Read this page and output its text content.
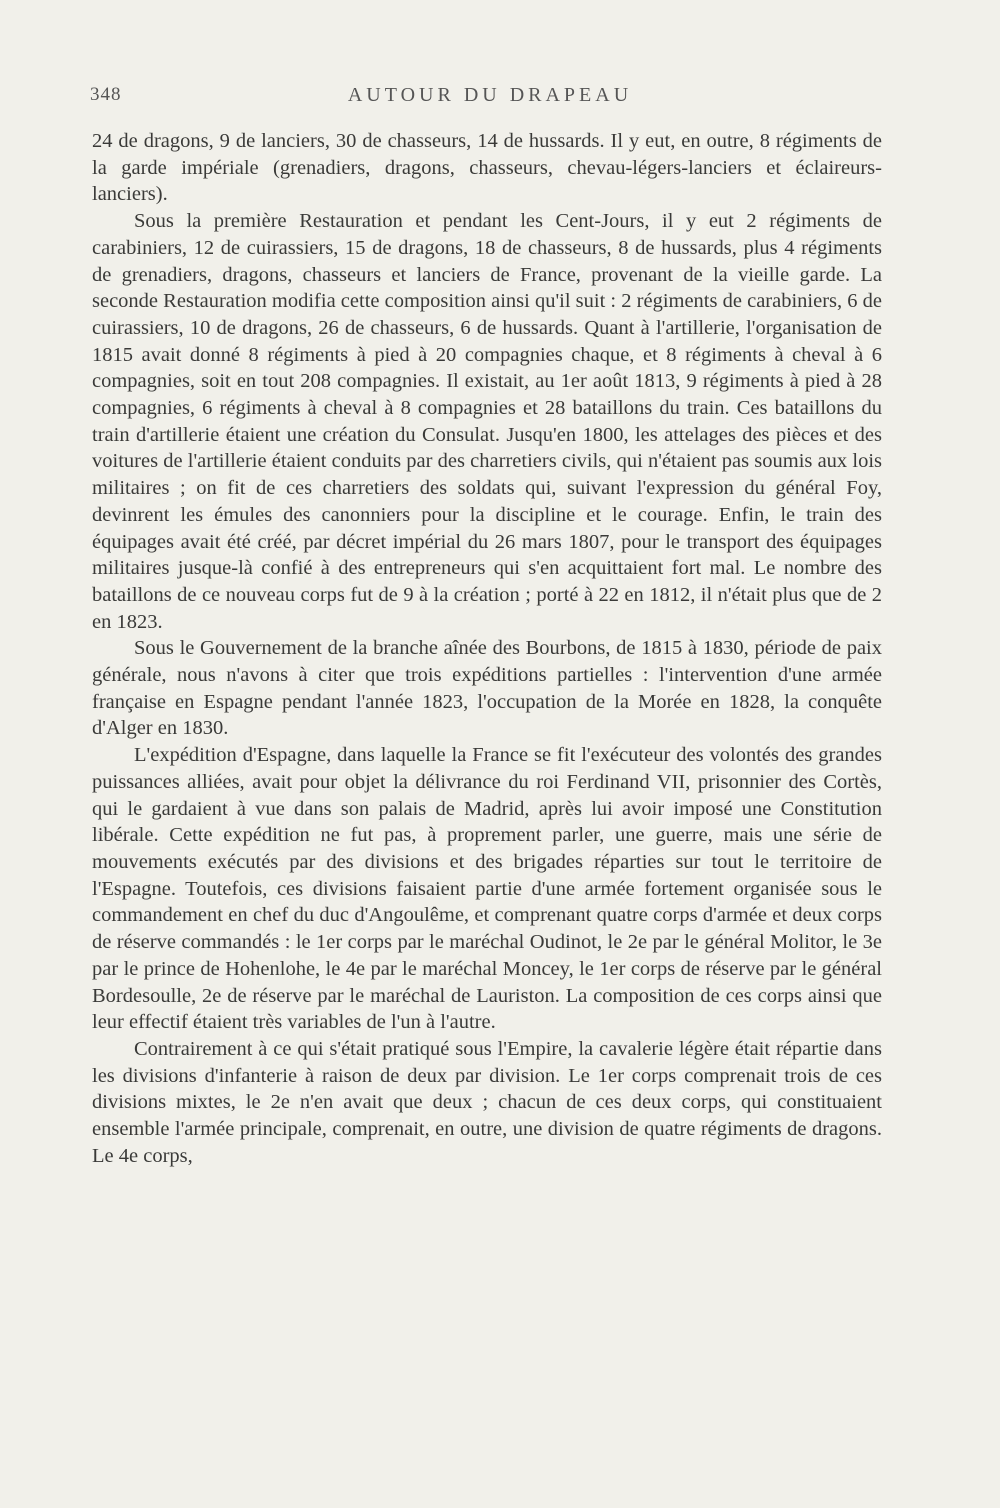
348	AUTOUR DU DRAPEAU

24 de dragons, 9 de lanciers, 30 de chasseurs, 14 de hussards. Il y eut, en outre, 8 régiments de la garde impériale (grenadiers, dragons, chasseurs, chevau-légers-lanciers et éclaireurs-lanciers).

Sous la première Restauration et pendant les Cent-Jours, il y eut 2 régiments de carabiniers, 12 de cuirassiers, 15 de dragons, 18 de chasseurs, 8 de hussards, plus 4 régiments de grenadiers, dragons, chasseurs et lanciers de France, provenant de la vieille garde. La seconde Restauration modifia cette composition ainsi qu'il suit : 2 régiments de carabiniers, 6 de cuirassiers, 10 de dragons, 26 de chasseurs, 6 de hussards. Quant à l'artillerie, l'organisation de 1815 avait donné 8 régiments à pied à 20 compagnies chaque, et 8 régiments à cheval à 6 compagnies, soit en tout 208 compagnies. Il existait, au 1er août 1813, 9 régiments à pied à 28 compagnies, 6 régiments à cheval à 8 compagnies et 28 bataillons du train. Ces bataillons du train d'artillerie étaient une création du Consulat. Jusqu'en 1800, les attelages des pièces et des voitures de l'artillerie étaient conduits par des charretiers civils, qui n'étaient pas soumis aux lois militaires ; on fit de ces charretiers des soldats qui, suivant l'expression du général Foy, devinrent les émules des canonniers pour la discipline et le courage. Enfin, le train des équipages avait été créé, par décret impérial du 26 mars 1807, pour le transport des équipages militaires jusque-là confié à des entrepreneurs qui s'en acquittaient fort mal. Le nombre des bataillons de ce nouveau corps fut de 9 à la création ; porté à 22 en 1812, il n'était plus que de 2 en 1823.

Sous le Gouvernement de la branche aînée des Bourbons, de 1815 à 1830, période de paix générale, nous n'avons à citer que trois expéditions partielles : l'intervention d'une armée française en Espagne pendant l'année 1823, l'occupation de la Morée en 1828, la conquête d'Alger en 1830.

L'expédition d'Espagne, dans laquelle la France se fit l'exécuteur des volontés des grandes puissances alliées, avait pour objet la délivrance du roi Ferdinand VII, prisonnier des Cortès, qui le gardaient à vue dans son palais de Madrid, après lui avoir imposé une Constitution libérale. Cette expédition ne fut pas, à proprement parler, une guerre, mais une série de mouvements exécutés par des divisions et des brigades réparties sur tout le territoire de l'Espagne. Toutefois, ces divisions faisaient partie d'une armée fortement organisée sous le commandement en chef du duc d'Angoulême, et comprenant quatre corps d'armée et deux corps de réserve commandés : le 1er corps par le maréchal Oudinot, le 2e par le général Molitor, le 3e par le prince de Hohenlohe, le 4e par le maréchal Moncey, le 1er corps de réserve par le général Bordesoulle, 2e de réserve par le maréchal de Lauriston. La composition de ces corps ainsi que leur effectif étaient très variables de l'un à l'autre.

Contrairement à ce qui s'était pratiqué sous l'Empire, la cavalerie légère était répartie dans les divisions d'infanterie à raison de deux par division. Le 1er corps comprenait trois de ces divisions mixtes, le 2e n'en avait que deux ; chacun de ces deux corps, qui constituaient ensemble l'armée principale, comprenait, en outre, une division de quatre régiments de dragons. Le 4e corps,
